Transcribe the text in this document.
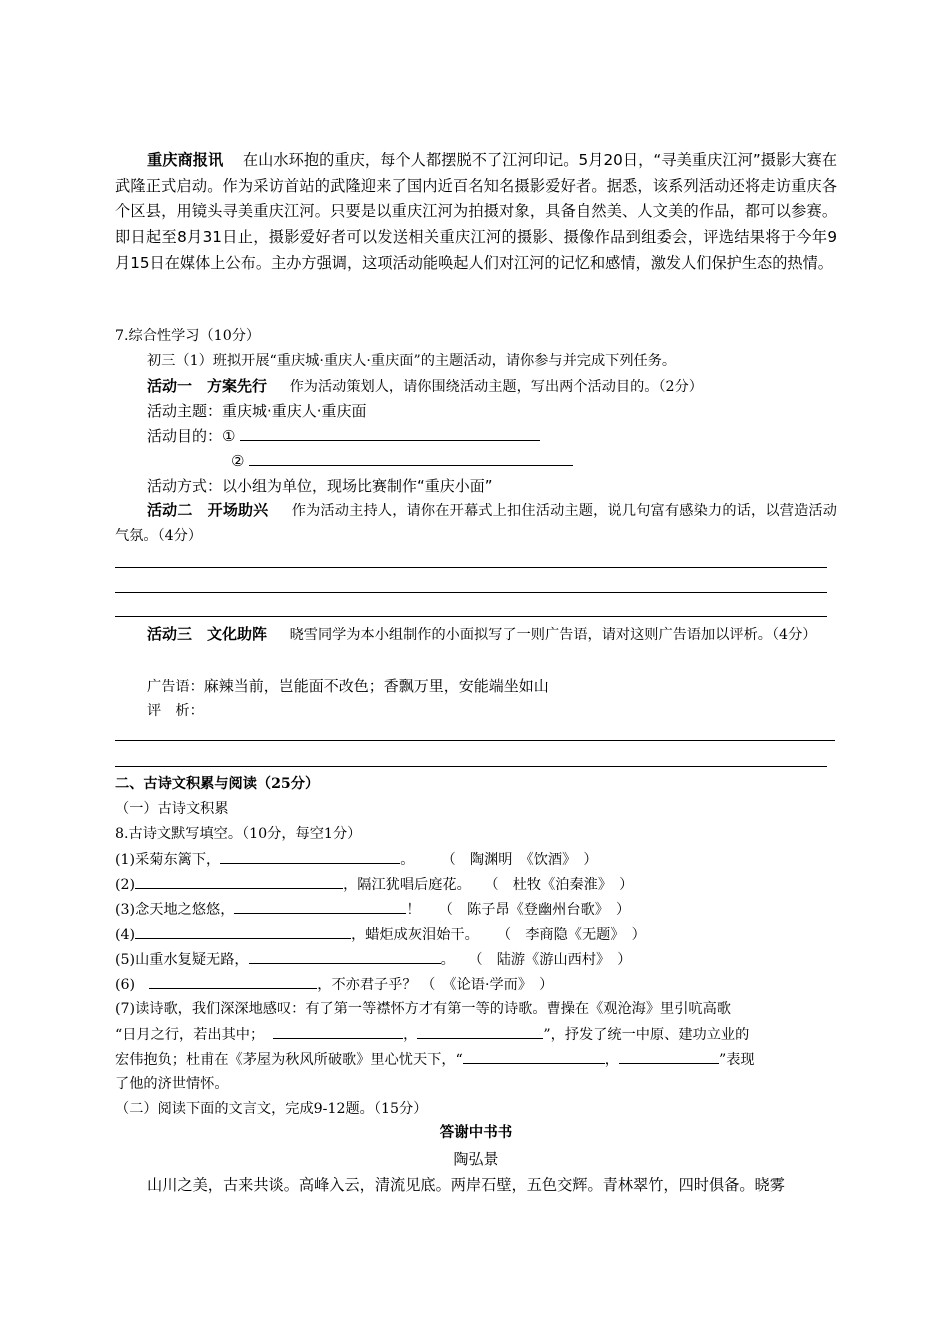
重庆商报讯 在山水环抱的重庆，每个人都摆脱不了江河印记。5月20日，“寻美重庆江河”摄影大赛在武隆正式启动。作为采访首站的武隆迎来了国内近百名知名摄影爱好者。据悉，该系列活动还将走访重庆各个区县，用镜头寻美重庆江河。只要是以重庆江河为拍摄对象，具备自然美、人文美的作品，都可以参赛。即日起至8月31日止，摄影爱好者可以发送相关重庆江河的摄影、摄像作品到组委会，评选结果将于今年9月15日在媒体上公布。主办方强调，这项活动能唤起人们对江河的记忆和感情，激发人们保护生态的热情。
7.综合性学习（10分）
初三（1）班拟开展“重庆城·重庆人·重庆面”的主题活动，请你参与并完成下列任务。
活动一　方案先行 作为活动策划人，请你围绕活动主题，写出两个活动目的。（2分）
活动主题：重庆城·重庆人·重庆面
活动目的：①
②
活动方式：以小组为单位，现场比赛制作“重庆小面”
活动二　开场助兴 作为活动主持人，请你在开幕式上扣住活动主题，说几句富有感染力的话，以营造活动气氛。（4分）
活动三　文化助阵 晓雪同学为本小组制作的小面拟写了一则广告语，请对这则广告语加以评析。（4分）
广告语：麻辣当前，岂能面不改色；香飘万里，安能端坐如山
评　析：
二、古诗文积累与阅读（25分）
（一）古诗文积累
8.古诗文默写填空。（10分，每空1分）
(1)采菊东篱下，	。 （　陶渊明　《饮酒》　）
(2)	，隔江犹唱后庭花。 （　杜牧《泊秦淮》　）
(3)念天地之悠悠，	！ （　陈子昂《登幽州台歌》　）
(4)	，蜡炬成灰泪始干。 （　李商隐《无题》　）
(5)山重水复疑无路，	。 （　陆游《游山西村》　）
(6)　	，不亦君子乎？ （　《论语·学而》　）
(7)读诗歌，我们深深地感叹：有了第一等襟怀方才有第一等的诗歌。曹操在《观沧海》里引吭高歌
“日月之行，若出其中；	，	”，抒发了统一中原、建功立业的
宏伟抱负；杜甫在《茅屋为秋风所破歌》里心忧天下，“	，	”表现
了他的济世情怀。
（二）阅读下面的文言文，完成9-12题。（15分）
答谢中书书
陶弘景
山川之美，古来共谈。高峰入云，清流见底。两岸石壁，五色交辉。青林翠竹，四时俱备。晓雾
